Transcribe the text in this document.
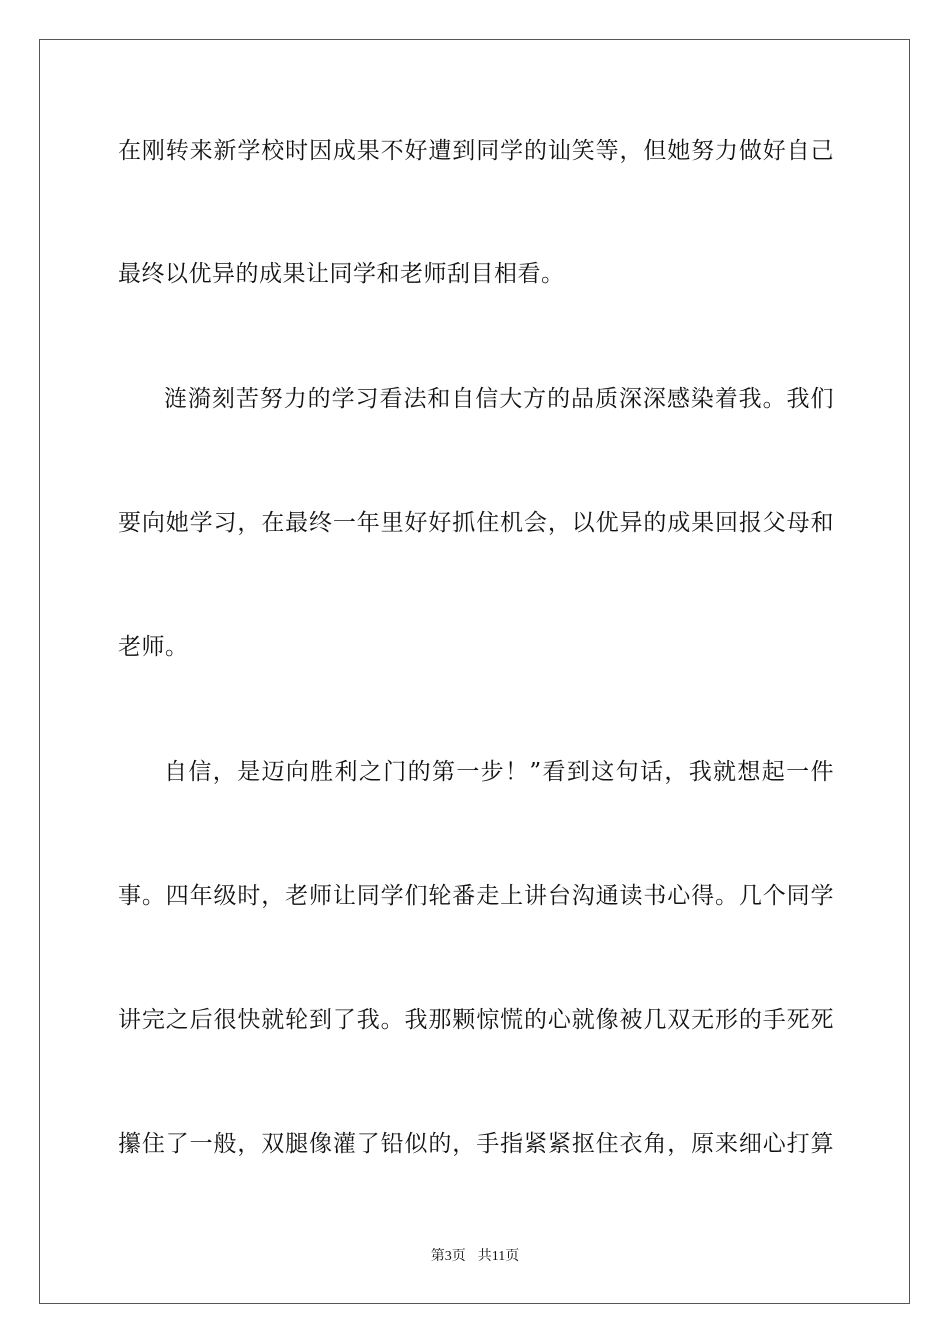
在刚转来新学校时因成果不好遭到同学的讪笑等，但她努力做好自己
最终以优异的成果让同学和老师刮目相看。
涟漪刻苦努力的学习看法和自信大方的品质深深感染着我。我们
要向她学习，在最终一年里好好抓住机会，以优异的成果回报父母和
老师。
自信，是迈向胜利之门的第一步！”看到这句话，我就想起一件
事。四年级时，老师让同学们轮番走上讲台沟通读书心得。几个同学
讲完之后很快就轮到了我。我那颗惊慌的心就像被几双无形的手死死
攥住了一般，双腿像灌了铅似的，手指紧紧抠住衣角，原来细心打算
第3页 共11页
